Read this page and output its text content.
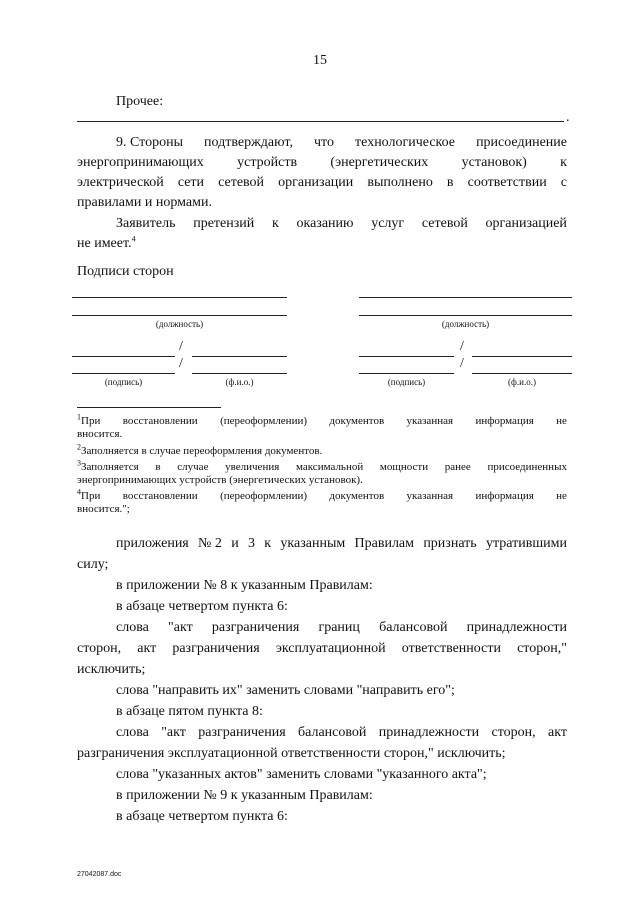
15
Прочее:
.
9. Стороны подтверждают, что технологическое присоединение
энергопринимающих устройств (энергетических установок) к
электрической сети сетевой организации выполнено в соответствии с
правилами и нормами.
Заявитель претензий к оказанию услуг сетевой организацией
не имеет.$^4$
Подписи сторон
(должность)
/
/
(подпись)	(ф.и.о.)
(должность)
/
/
(подпись)	(ф.и.о.)
$^1$При восстановлении (переоформлении) документов указанная информация не
вносится.
$^2$Заполняется в случае переоформления документов.
$^3$Заполняется в случае увеличения максимальной мощности ранее присоединенных
энергопринимающих устройств (энергетических установок).
$^4$При восстановлении (переоформлении) документов указанная информация не
вносится.";
приложения № 2 и 3 к указанным Правилам признать утратившими
силу;
в приложении № 8 к указанным Правилам:
в абзаце четвертом пункта 6:
слова "акт разграничения границ балансовой принадлежности
сторон, акт разграничения эксплуатационной ответственности сторон,"
исключить;
слова "направить их" заменить словами "направить его";
в абзаце пятом пункта 8:
слова "акт разграничения балансовой принадлежности сторон, акт
разграничения эксплуатационной ответственности сторон," исключить;
слова "указанных актов" заменить словами "указанного акта";
в приложении № 9 к указанным Правилам:
в абзаце четвертом пункта 6:
27042087.doc
